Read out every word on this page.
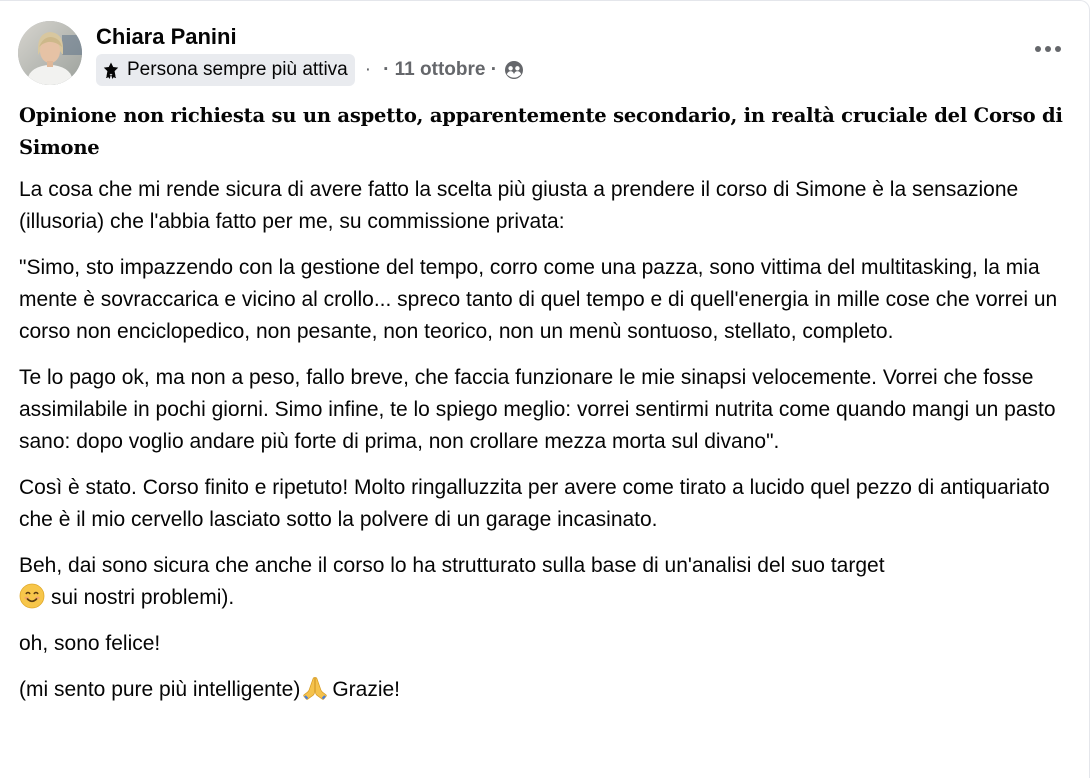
Chiara Panini
Persona sempre più attiva · · 11 ottobre ·
Opinione non richiesta su un aspetto, apparentemente secondario, in realtà cruciale del Corso di Simone

La cosa che mi rende sicura di avere fatto la scelta più giusta a prendere il corso di Simone è la sensazione (illusoria) che l'abbia fatto per me, su commissione privata:

"Simo, sto impazzendo con la gestione del tempo, corro come una pazza, sono vittima del multitasking, la mia mente è sovraccarica e vicino al crollo... spreco tanto di quel tempo e di quell'energia in mille cose che vorrei un corso non enciclopedico, non pesante, non teorico, non un menù sontuoso, stellato, completo.

Te lo pago ok, ma non a peso, fallo breve, che faccia funzionare le mie sinapsi velocemente. Vorrei che fosse assimilabile in pochi giorni. Simo infine, te lo spiego meglio: vorrei sentirmi nutrita come quando mangi un pasto sano: dopo voglio andare più forte di prima, non crollare mezza morta sul divano".

Così è stato. Corso finito e ripetuto! Molto ringalluzzita per avere come tirato a lucido quel pezzo di antiquariato che è il mio cervello lasciato sotto la polvere di un garage incasinato.

Beh, dai sono sicura che anche il corso lo ha strutturato sulla base di un'analisi del suo target
sui nostri problemi).

oh, sono felice!

(mi sento pure più intelligente) Grazie!
